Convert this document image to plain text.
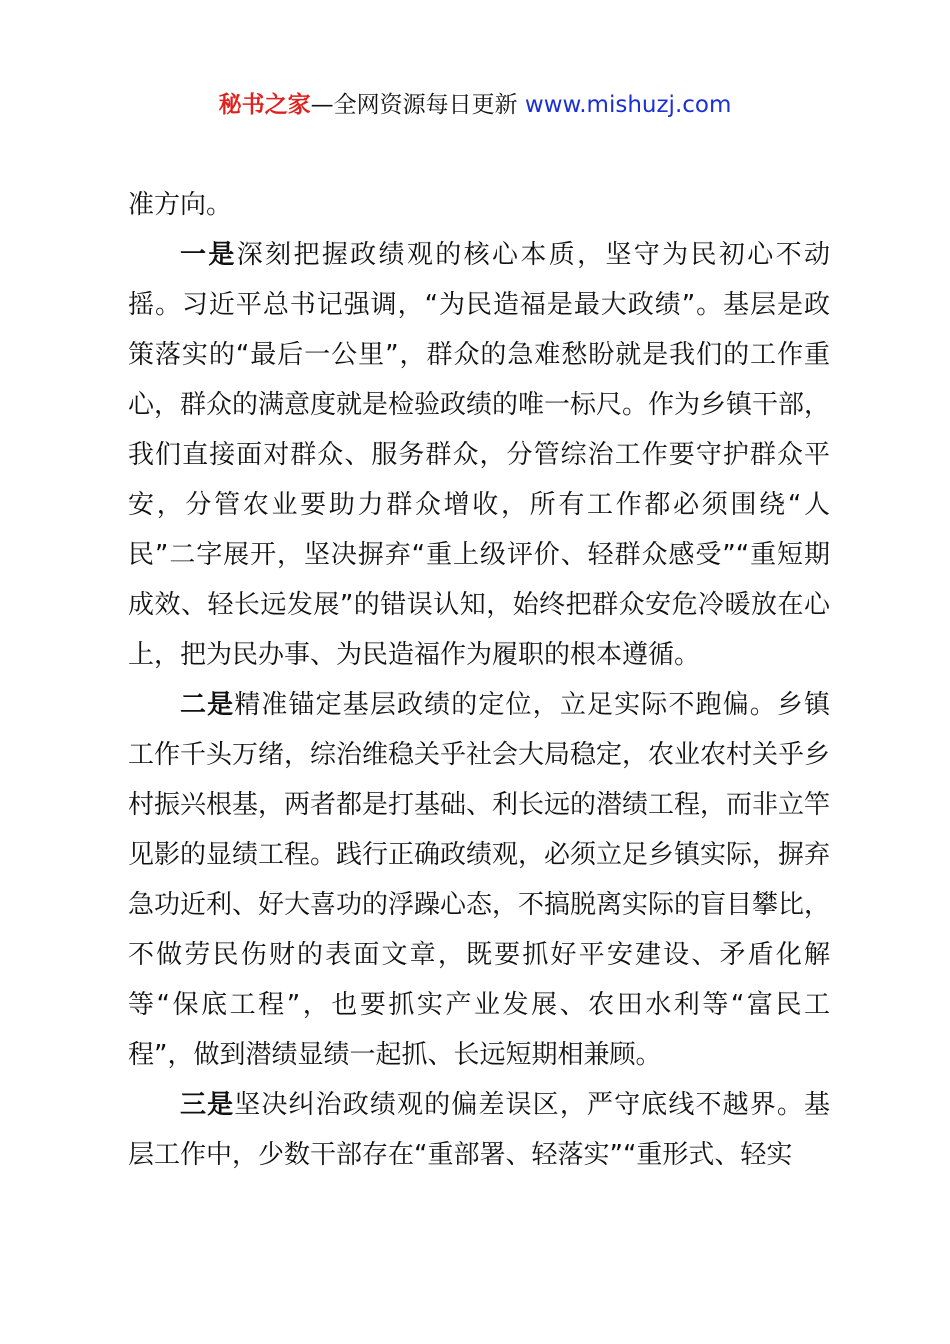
秘书之家—全网资源每日更新 www.mishuzj.com

准方向。

一是深刻把握政绩观的核心本质，坚守为民初心不动摇。习近平总书记强调，“为民造福是最大政绩”。基层是政策落实的“最后一公里”，群众的急难愁盼就是我们的工作重心，群众的满意度就是检验政绩的唯一标尺。作为乡镇干部，我们直接面对群众、服务群众，分管综治工作要守护群众平安，分管农业要助力群众增收，所有工作都必须围绕“人民”二字展开，坚决摒弃“重上级评价、轻群众感受”“重短期成效、轻长远发展”的错误认知，始终把群众安危冷暖放在心上，把为民办事、为民造福作为履职的根本遵循。

二是精准锚定基层政绩的定位，立足实际不跑偏。乡镇工作千头万绪，综治维稳关乎社会大局稳定，农业农村关乎乡村振兴根基，两者都是打基础、利长远的潜绩工程，而非立竿见影的显绩工程。践行正确政绩观，必须立足乡镇实际，摒弃急功近利、好大喜功的浮躁心态，不搞脱离实际的盲目攀比，不做劳民伤财的表面文章，既要抓好平安建设、矛盾化解等“保底工程”，也要抓实产业发展、农田水利等“富民工程”，做到潜绩显绩一起抓、长远短期相兼顾。

三是坚决纠治政绩观的偏差误区，严守底线不越界。基层工作中，少数干部存在“重部署、轻落实”“重形式、轻实
